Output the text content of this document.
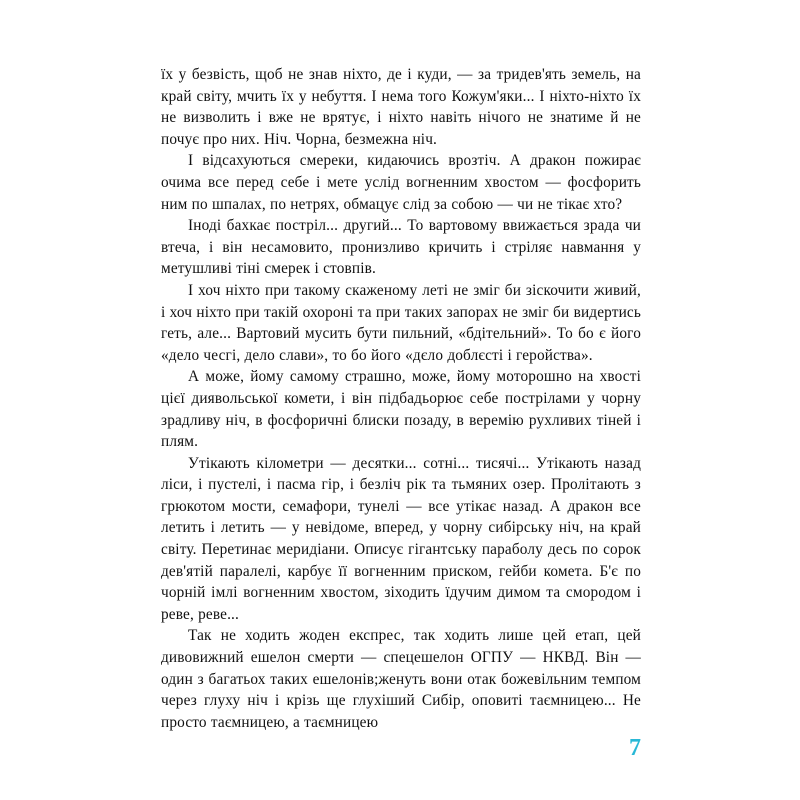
їх у безвість, щоб не знав ніхто, де і куди, — за тридев'ять земель, на край світу, мчить їх у небуття. І нема того Кожум'яки... І ніхто-ніхто їх не визволить і вже не врятує, і ніхто навіть нічого не знатиме й не почує про них. Ніч. Чорна, безмежна ніч.

І відсахуються смереки, кидаючись врозтіч. А дракон пожирає очима все перед себе і мете услід вогненним хвостом — фосфорить ним по шпалах, по нетрях, обмацує слід за собою — чи не тікає хто?

Іноді бахкає постріл... другий... То вартовому ввижається зрада чи втеча, і він несамовито, пронизливо кричить і стріляє навмання у метушливі тіні смерек і стовпів.

І хоч ніхто при такому скаженому леті не зміг би зіскочити живий, і хоч ніхто при такій охороні та при таких запорах не зміг би видертись геть, але... Вартовий мусить бути пильний, «бдітельний». То бо є його «дело чесгі, дело слави», то бо його «дєло доблєсті і геройства».

А може, йому самому страшно, може, йому моторошно на хвості цієї диявольської комети, і він підбадьорює себе пострілами у чорну зрадливу ніч, в фосфоричні блиски позаду, в веремію рухливих тіней і плям.

Утікають кілометри — десятки... сотні... тисячі... Утікають назад ліси, і пустелі, і пасма гір, і безліч рік та тьмяних озер. Пролітають з грюкотом мости, семафори, тунелі — все утікає назад. А дракон все летить і летить — у невідоме, вперед, у чорну сибірську ніч, на край світу. Перетинає меридіани. Описує гігантську параболу десь по сорок дев'ятій паралелі, карбує її вогненним приском, гейби комета. Б'є по чорній імлі вогненним хвостом, зіходить їдучим димом та смородом і реве, реве...

Так не ходить жоден експрес, так ходить лише цей етап, цей дивовижний ешелон смерти — спецешелон ОГПУ — НКВД. Він — один з багатьох таких ешелонів;женуть вони отак божевільним темпом через глуху ніч і крізь ще глухіший Сибір, оповиті таємницею... Не просто таємницею, а таємницею

7
